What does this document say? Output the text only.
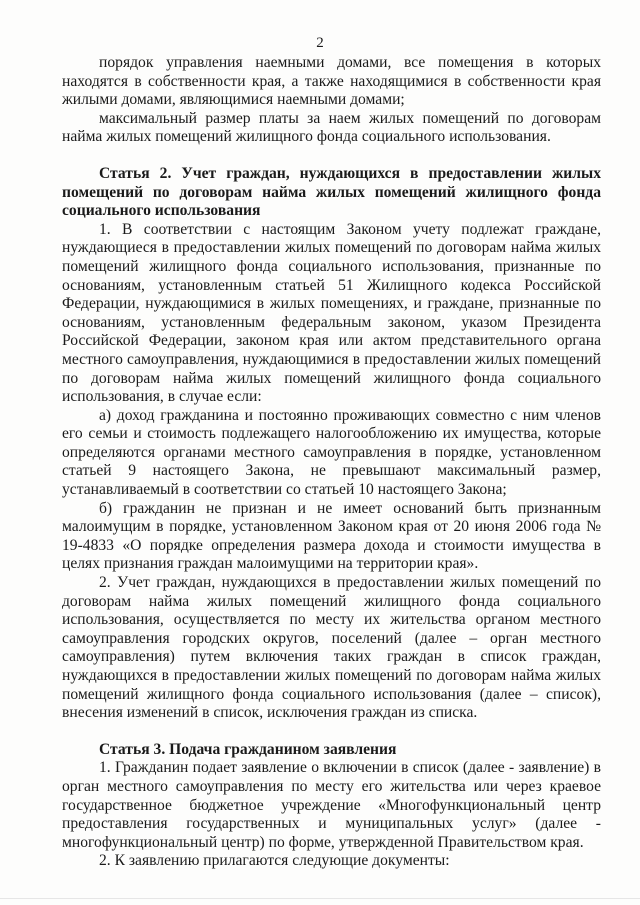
2

порядок управления наемными домами, все помещения в которых находятся в собственности края, а также находящимися в собственности края жилыми домами, являющимися наемными домами;

максимальный размер платы за наем жилых помещений по договорам найма жилых помещений жилищного фонда социального использования.

Статья 2. Учет граждан, нуждающихся в предоставлении жилых помещений по договорам найма жилых помещений жилищного фонда социального использования

1. В соответствии с настоящим Законом учету подлежат граждане, нуждающиеся в предоставлении жилых помещений по договорам найма жилых помещений жилищного фонда социального использования, признанные по основаниям, установленным статьей 51 Жилищного кодекса Российской Федерации, нуждающимися в жилых помещениях, и граждане, признанные по основаниям, установленным федеральным законом, указом Президента Российской Федерации, законом края или актом представительного органа местного самоуправления, нуждающимися в предоставлении жилых помещений по договорам найма жилых помещений жилищного фонда социального использования, в случае если:

а) доход гражданина и постоянно проживающих совместно с ним членов его семьи и стоимость подлежащего налогообложению их имущества, которые определяются органами местного самоуправления в порядке, установленном статьей 9 настоящего Закона, не превышают максимальный размер, устанавливаемый в соответствии со статьей 10 настоящего Закона;

б) гражданин не признан и не имеет оснований быть признанным малоимущим в порядке, установленном Законом края от 20 июня 2006 года № 19-4833 «О порядке определения размера дохода и стоимости имущества в целях признания граждан малоимущими на территории края».

2. Учет граждан, нуждающихся в предоставлении жилых помещений по договорам найма жилых помещений жилищного фонда социального использования, осуществляется по месту их жительства органом местного самоуправления городских округов, поселений (далее – орган местного самоуправления) путем включения таких граждан в список граждан, нуждающихся в предоставлении жилых помещений по договорам найма жилых помещений жилищного фонда социального использования (далее – список), внесения изменений в список, исключения граждан из списка.

Статья 3. Подача гражданином заявления

1. Гражданин подает заявление о включении в список (далее - заявление) в орган местного самоуправления по месту его жительства или через краевое государственное бюджетное учреждение «Многофункциональный центр предоставления государственных и муниципальных услуг» (далее - многофункциональный центр) по форме, утвержденной Правительством края.

2. К заявлению прилагаются следующие документы:
